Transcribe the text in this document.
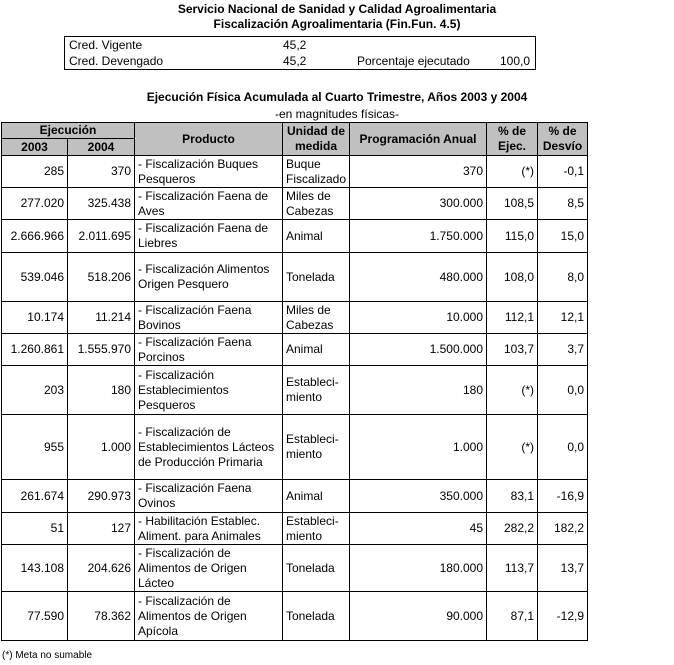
Servicio Nacional de Sanidad y Calidad Agroalimentaria
Fiscalización Agroalimentaria (Fin.Fun. 4.5)
Cred. Vigente	45,2
Cred. Devengado	45,2	Porcentaje ejecutado	100,0
Ejecución Física Acumulada al Cuarto Trimestre, Años 2003 y 2004
-en magnitudes físicas-
Ejecución		Producto	Unidad de medida	Programación Anual	% de Ejec.	% de Desvío
2003	2004					
285	370	- Fiscalización Buques Pesqueros	Buque Fiscalizado	370	(*)	-0,1
277.020	325.438	- Fiscalización Faena de Aves	Miles de Cabezas	300.000	108,5	8,5
2.666.966	2.011.695	- Fiscalización Faena de Liebres	Animal	1.750.000	115,0	15,0
539.046	518.206	- Fiscalización Alimentos Origen Pesquero	Tonelada	480.000	108,0	8,0
10.174	11.214	- Fiscalización Faena Bovinos	Miles de Cabezas	10.000	112,1	12,1
1.260.861	1.555.970	- Fiscalización Faena Porcinos	Animal	1.500.000	103,7	3,7
203	180	- Fiscalización Establecimientos Pesqueros	Estableci-miento	180	(*)	0,0
955	1.000	- Fiscalización de Establecimientos Lácteos de Producción Primaria	Estableci-miento	1.000	(*)	0,0
261.674	290.973	- Fiscalización Faena Ovinos	Animal	350.000	83,1	-16,9
51	127	- Habilitación Establec. Aliment. para Animales	Estableci-miento	45	282,2	182,2
143.108	204.626	- Fiscalización de Alimentos de Origen Lácteo	Tonelada	180.000	113,7	13,7
77.590	78.362	- Fiscalización de Alimentos de Origen Apícola	Tonelada	90.000	87,1	-12,9
(*) Meta no sumable
